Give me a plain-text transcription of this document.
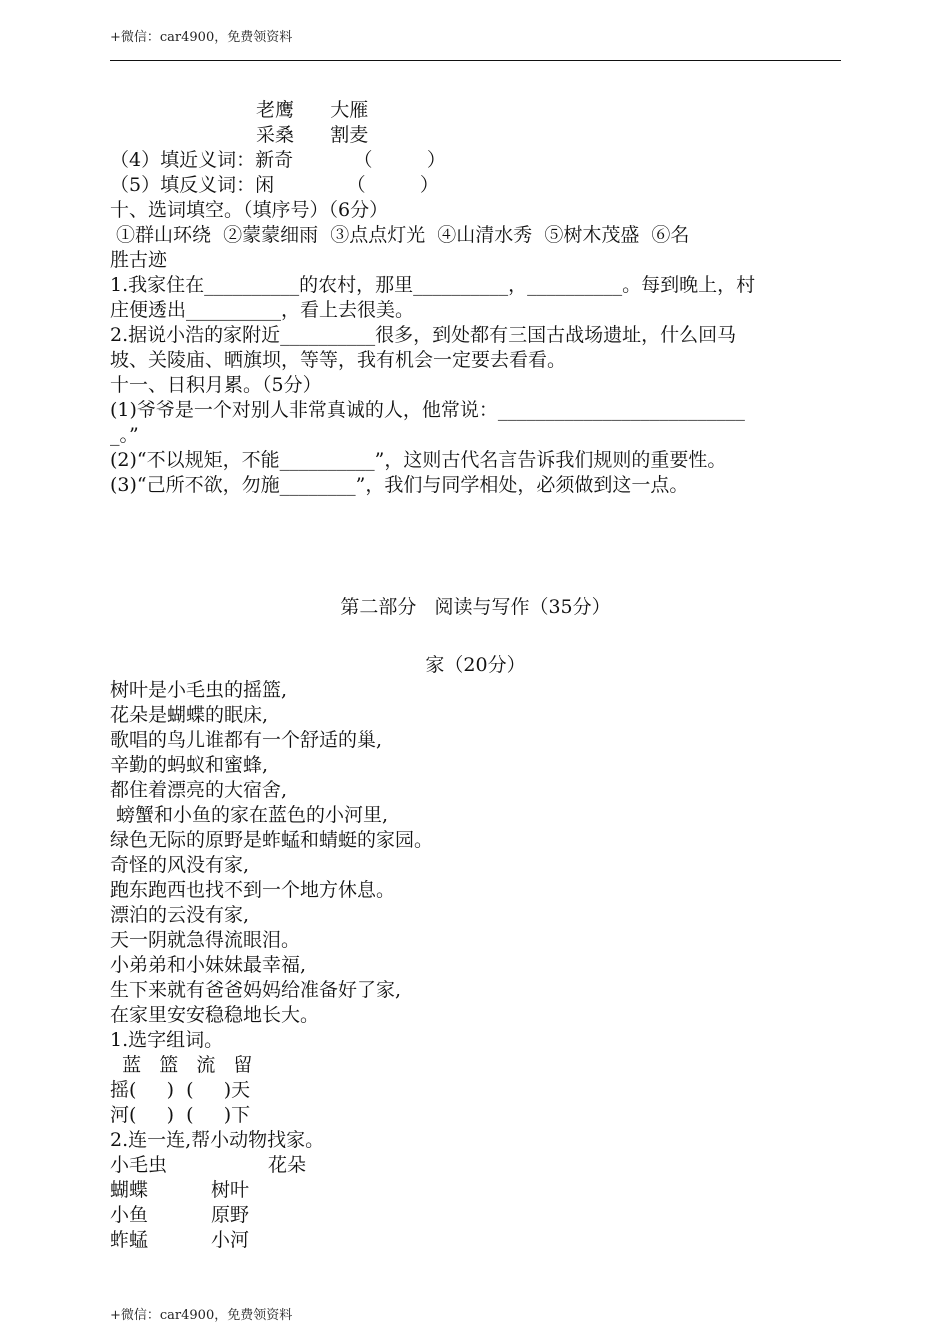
+微信：car4900，免费领资料
老鹰      大雁
采桑      割麦
（4）填近义词：新奇          （         ）
（5）填反义词：闲            （         ）
十、选词填空。（填序号）（6分）
①群山环绕  ②蒙蒙细雨  ③点点灯光  ④山清水秀  ⑤树木茂盛  ⑥名
胜古迹
1.我家住在__________的农村，那里__________，__________。每到晚上，村
庄便透出__________，看上去很美。
2.据说小浩的家附近__________很多，到处都有三国古战场遗址，什么回马
坡、关陵庙、晒旗坝，等等，我有机会一定要去看看。
十一、日积月累。（5分）
(1)爷爷是一个对别人非常真诚的人，他常说：__________________________
_。”
(2)“不以规矩，不能__________”，这则古代名言告诉我们规则的重要性。
(3)“己所不欲，勿施________”，我们与同学相处，必须做到这一点。
第二部分   阅读与写作（35分）
家（20分）
树叶是小毛虫的摇篮,
花朵是蝴蝶的眠床,
歌唱的鸟儿谁都有一个舒适的巢,
辛勤的蚂蚁和蜜蜂,
都住着漂亮的大宿舍,
螃蟹和小鱼的家在蓝色的小河里,
绿色无际的原野是蚱蜢和蜻蜓的家园。
奇怪的风没有家,
跑东跑西也找不到一个地方休息。
漂泊的云没有家,
天一阴就急得流眼泪。
小弟弟和小妹妹最幸福,
生下来就有爸爸妈妈给准备好了家,
在家里安安稳稳地长大。
1.选字组词。
蓝   篮   流   留
摇(     )  (     )天
河(     )  (     )下
2.连一连,帮小动物找家。
小毛虫	花朵
蝴蝶	树叶
小鱼	原野
蚱蜢	小河
+微信：car4900，免费领资料
